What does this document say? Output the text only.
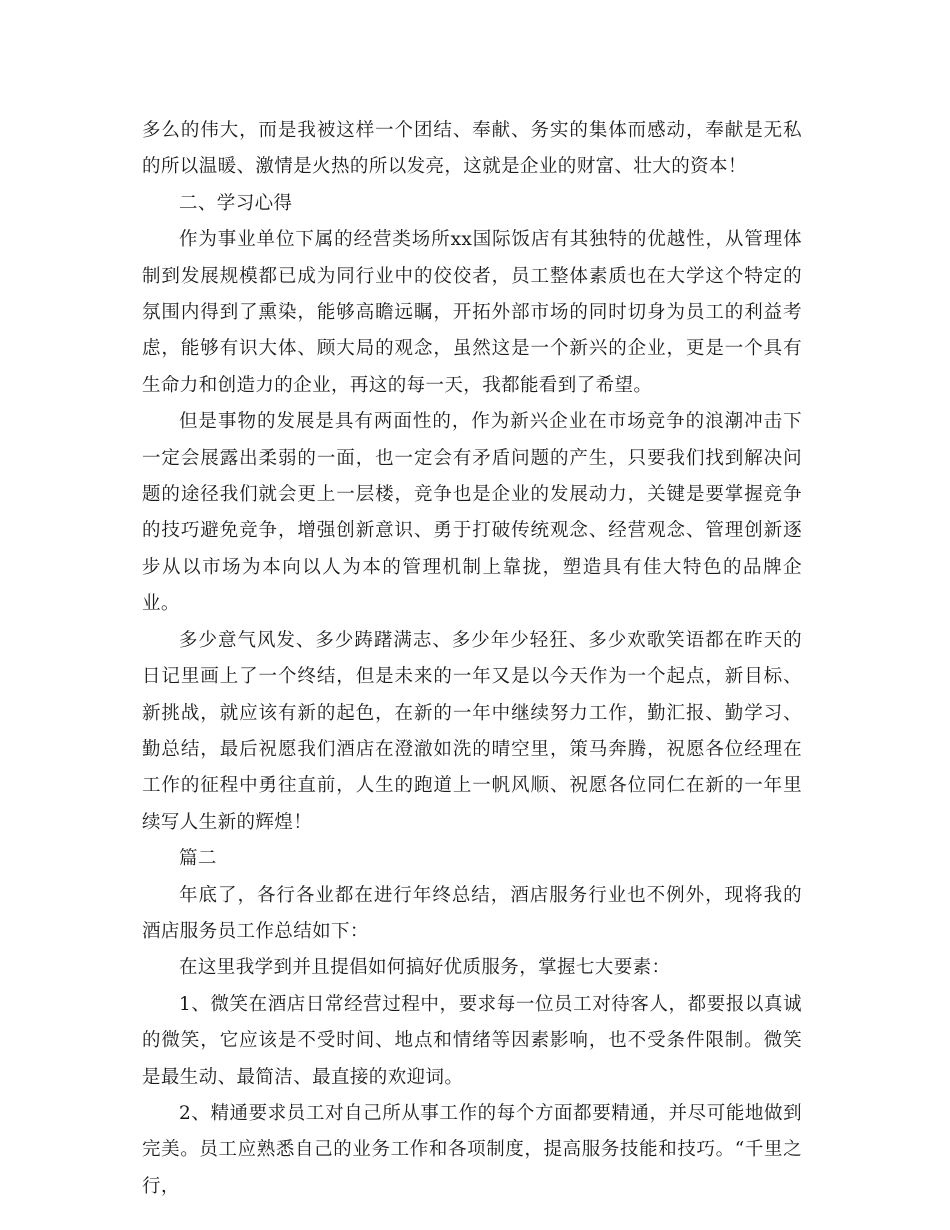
多么的伟大，而是我被这样一个团结、奉献、务实的集体而感动，奉献是无私的所以温暖、激情是火热的所以发亮，这就是企业的财富、壮大的资本！

二、学习心得

作为事业单位下属的经营类场所xx国际饭店有其独特的优越性，从管理体制到发展规模都已成为同行业中的佼佼者，员工整体素质也在大学这个特定的氛围内得到了熏染，能够高瞻远瞩，开拓外部市场的同时切身为员工的利益考虑，能够有识大体、顾大局的观念，虽然这是一个新兴的企业，更是一个具有生命力和创造力的企业，再这的每一天，我都能看到了希望。

但是事物的发展是具有两面性的，作为新兴企业在市场竞争的浪潮冲击下一定会展露出柔弱的一面，也一定会有矛盾问题的产生，只要我们找到解决问题的途径我们就会更上一层楼，竞争也是企业的发展动力，关键是要掌握竞争的技巧避免竞争，增强创新意识、勇于打破传统观念、经营观念、管理创新逐步从以市场为本向以人为本的管理机制上靠拢，塑造具有佳大特色的品牌企业。

多少意气风发、多少踌躇满志、多少年少轻狂、多少欢歌笑语都在昨天的日记里画上了一个终结，但是未来的一年又是以今天作为一个起点，新目标、新挑战，就应该有新的起色，在新的一年中继续努力工作，勤汇报、勤学习、勤总结，最后祝愿我们酒店在澄澈如洗的晴空里，策马奔腾，祝愿各位经理在工作的征程中勇往直前，人生的跑道上一帆风顺、祝愿各位同仁在新的一年里续写人生新的辉煌！

篇二

年底了，各行各业都在进行年终总结，酒店服务行业也不例外，现将我的酒店服务员工作总结如下：

在这里我学到并且提倡如何搞好优质服务，掌握七大要素：

1、微笑在酒店日常经营过程中，要求每一位员工对待客人，都要报以真诚的微笑，它应该是不受时间、地点和情绪等因素影响，也不受条件限制。微笑是最生动、最简洁、最直接的欢迎词。

2、精通要求员工对自己所从事工作的每个方面都要精通，并尽可能地做到完美。员工应熟悉自己的业务工作和各项制度，提高服务技能和技巧。“千里之行，
